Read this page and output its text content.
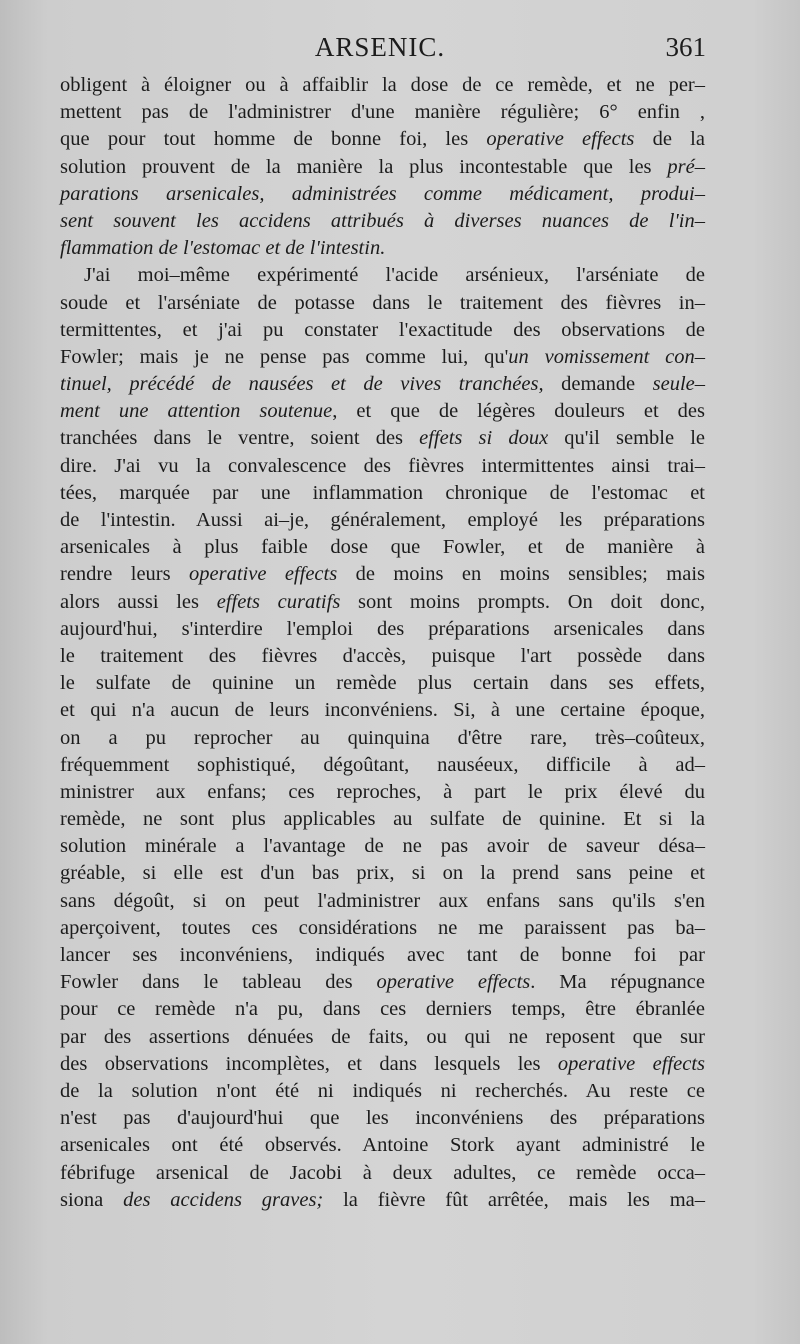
ARSENIC.	361
obligent à éloigner ou à affaiblir la dose de ce remède, et ne per–
mettent pas de l'administrer d'une manière régulière; 6° enfin ,
que pour tout homme de bonne foi, les operative effects de la
solution prouvent de la manière la plus incontestable que les pré–
parations arsenicales, administrées comme médicament, produi–
sent souvent les accidens attribués à diverses nuances de l'in–
flammation de l'estomac et de l'intestin.
J'ai moi–même expérimenté l'acide arsénieux, l'arséniate de
soude et l'arséniate de potasse dans le traitement des fièvres in–
termittentes, et j'ai pu constater l'exactitude des observations de
Fowler; mais je ne pense pas comme lui, qu'un vomissement con–
tinuel, précédé de nausées et de vives tranchées, demande seule–
ment une attention soutenue, et que de légères douleurs et des
tranchées dans le ventre, soient des effets si doux qu'il semble le
dire. J'ai vu la convalescence des fièvres intermittentes ainsi trai–
tées, marquée par une inflammation chronique de l'estomac et
de l'intestin. Aussi ai–je, généralement, employé les préparations
arsenicales à plus faible dose que Fowler, et de manière à
rendre leurs operative effects de moins en moins sensibles; mais
alors aussi les effets curatifs sont moins prompts. On doit donc,
aujourd'hui, s'interdire l'emploi des préparations arsenicales dans
le traitement des fièvres d'accès, puisque l'art possède dans
le sulfate de quinine un remède plus certain dans ses effets,
et qui n'a aucun de leurs inconvéniens. Si, à une certaine époque,
on a pu reprocher au quinquina d'être rare, très–coûteux,
fréquemment sophistiqué, dégoûtant, nauséeux, difficile à ad–
ministrer aux enfans; ces reproches, à part le prix élevé du
remède, ne sont plus applicables au sulfate de quinine. Et si la
solution minérale a l'avantage de ne pas avoir de saveur désa–
gréable, si elle est d'un bas prix, si on la prend sans peine et
sans dégoût, si on peut l'administrer aux enfans sans qu'ils s'en
aperçoivent, toutes ces considérations ne me paraissent pas ba–
lancer ses inconvéniens, indiqués avec tant de bonne foi par
Fowler dans le tableau des operative effects. Ma répugnance
pour ce remède n'a pu, dans ces derniers temps, être ébranlée
par des assertions dénuées de faits, ou qui ne reposent que sur
des observations incomplètes, et dans lesquels les operative effects
de la solution n'ont été ni indiqués ni recherchés. Au reste ce
n'est pas d'aujourd'hui que les inconvéniens des préparations
arsenicales ont été observés. Antoine Stork ayant administré le
fébrifuge arsenical de Jacobi à deux adultes, ce remède occa–
siona des accidens graves; la fièvre fût arrêtée, mais les ma–
